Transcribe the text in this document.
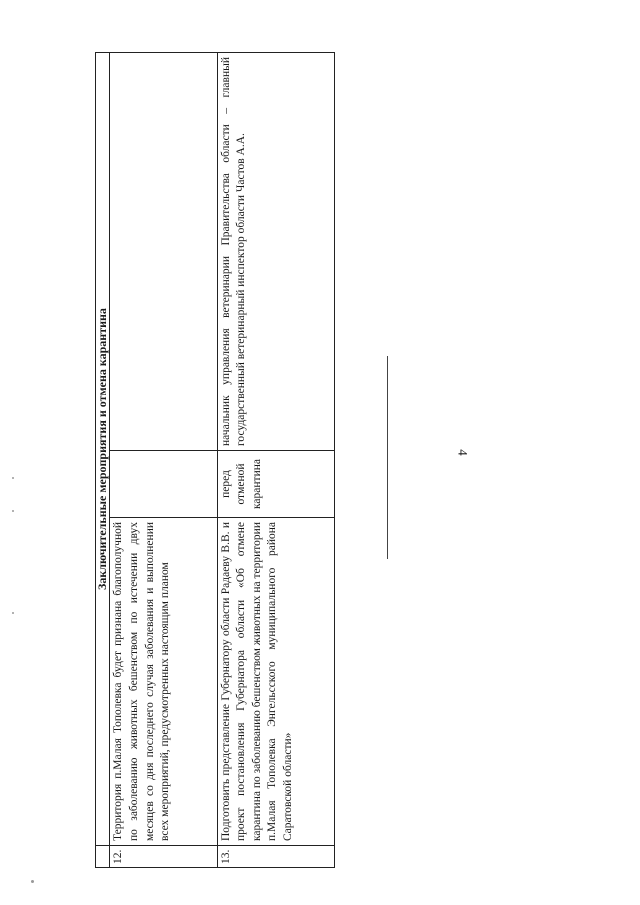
4
	Заключительные мероприятия и отмена карантина		
12.	Территория п.Малая Тополевка будет признана благополучной по заболеванию животных бешенством по истечении двух месяцев со дня последнего случая заболевания и выполнении всех мероприятий, предусмотренных настоящим планом		
13.	Подготовить представление Губернатору области Радаеву В.В. и проект постановления Губернатора области «Об отмене карантина по заболеванию бешенством животных на территории п.Малая Тополевка Энгельсского муниципального района Саратовской области»	перед отменой карантина	начальник управления ветеринарии Правительства области – главный государственный ветеринарный инспектор области Частов А.А.
